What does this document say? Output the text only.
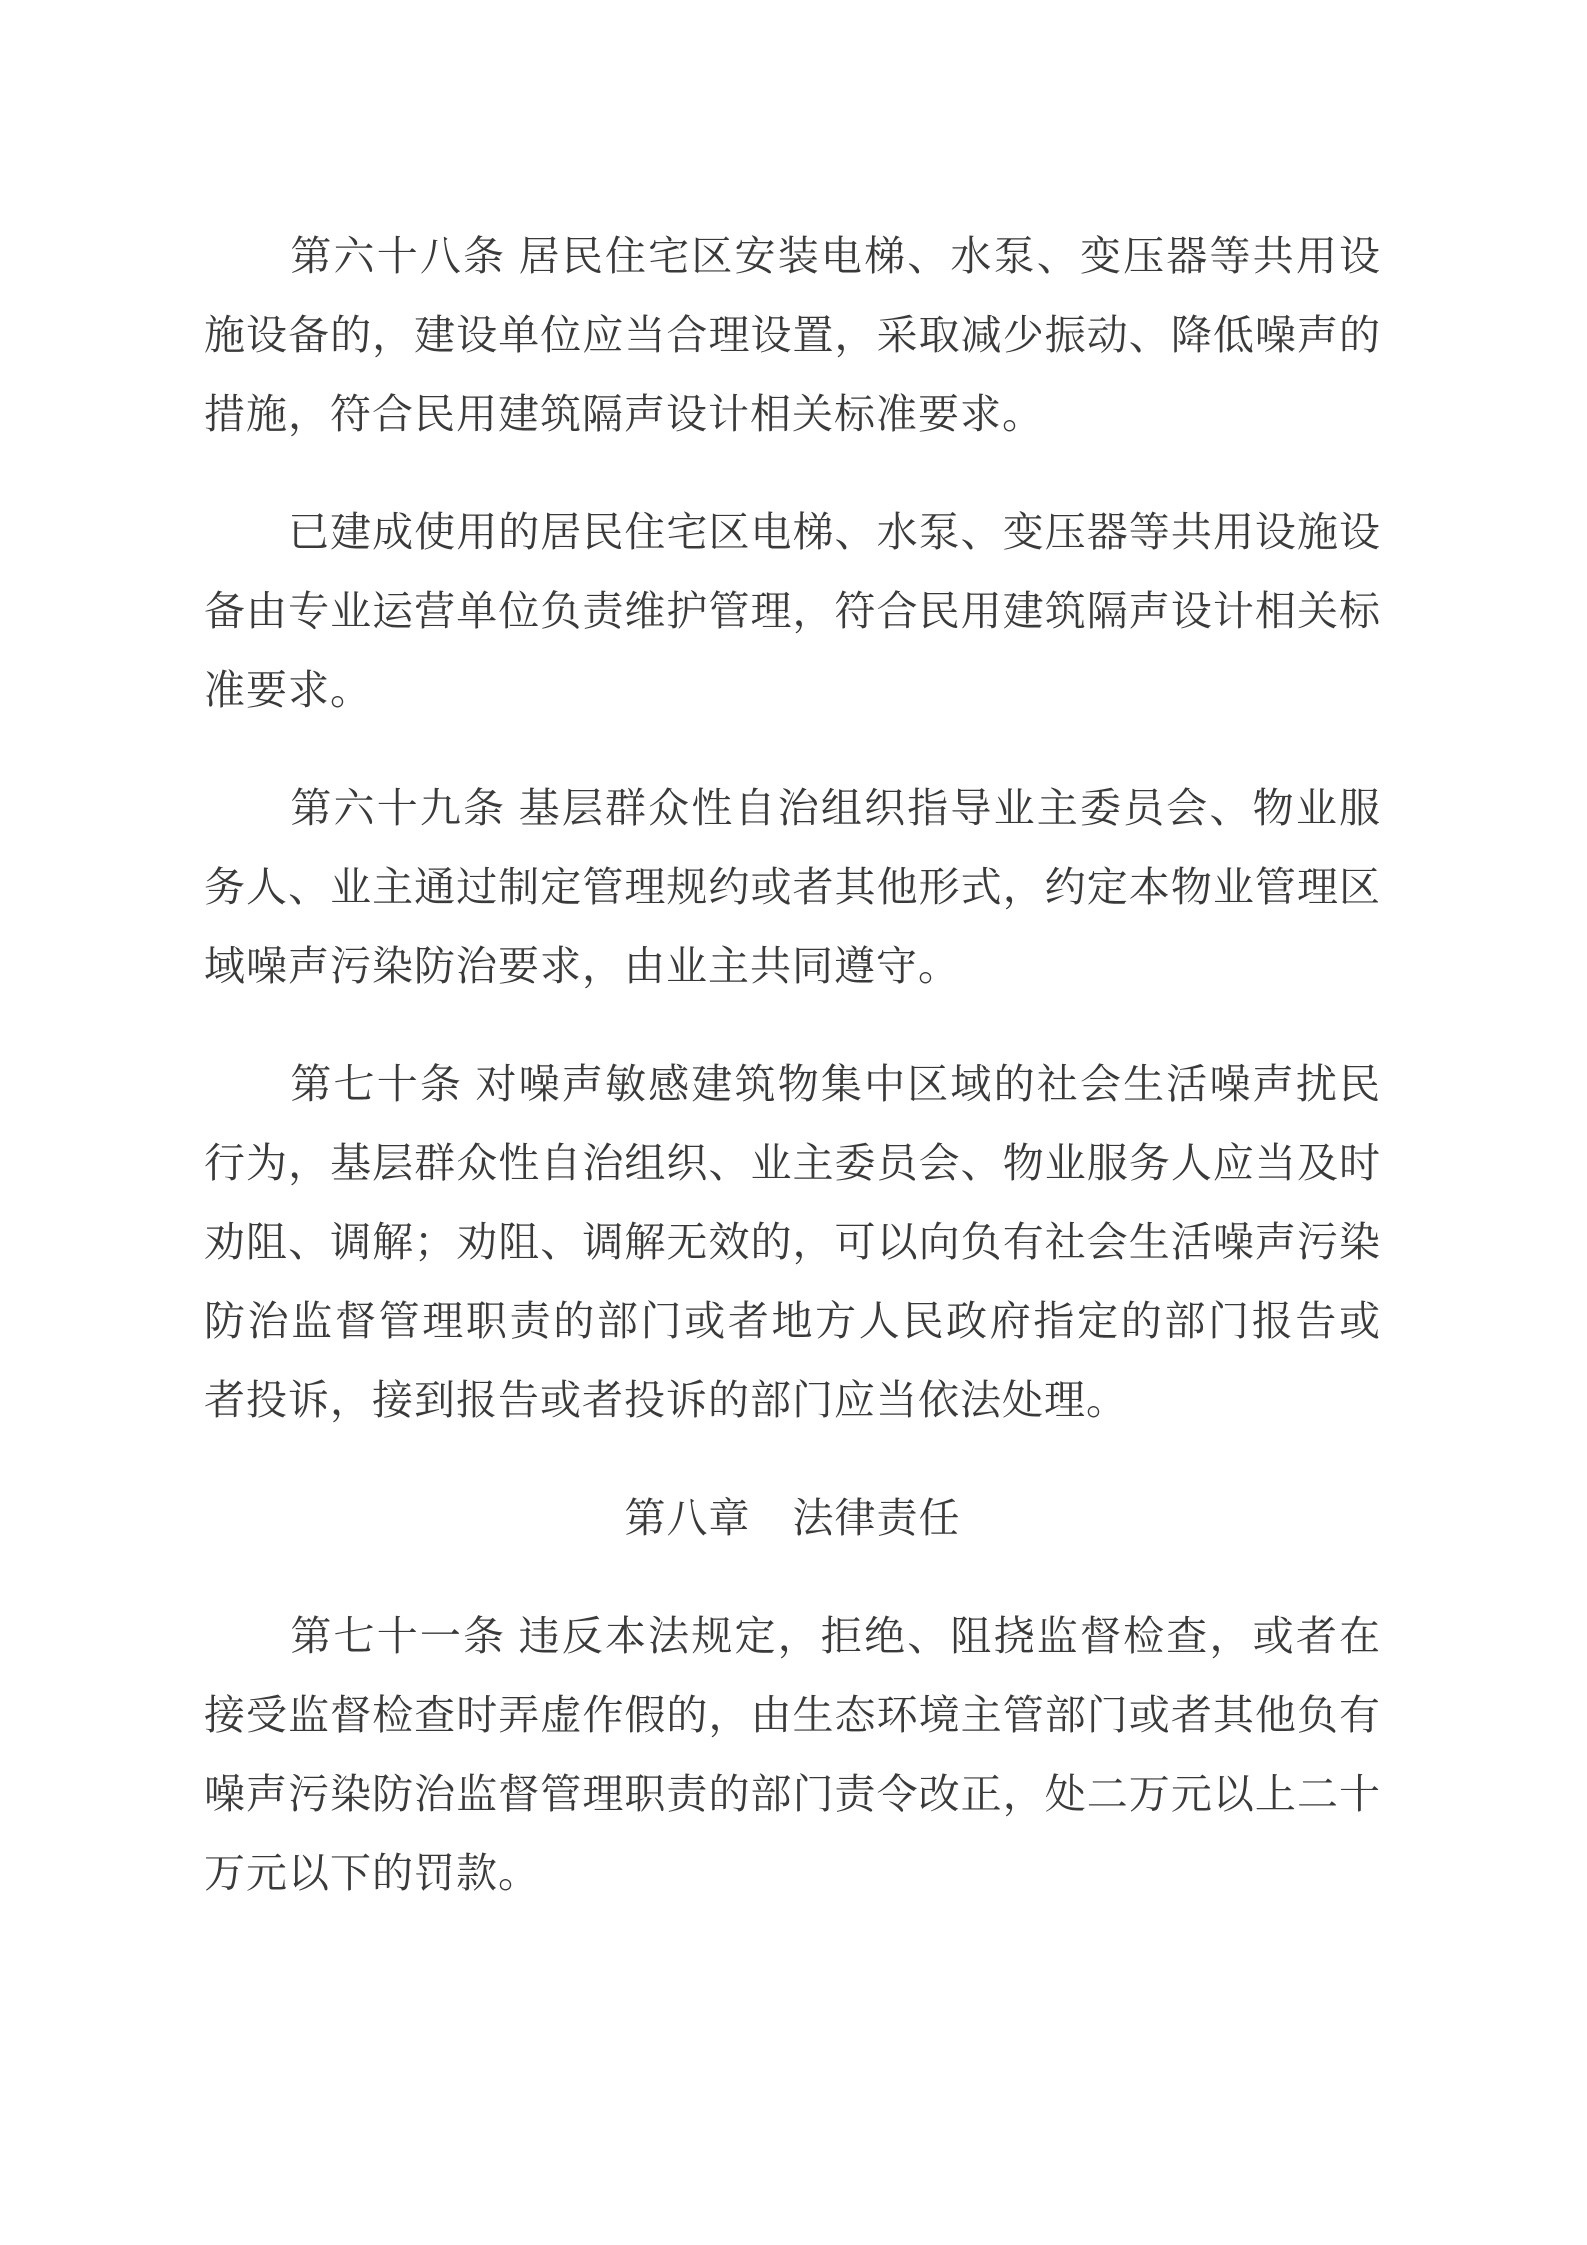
　　第六十八条 居民住宅区安装电梯、水泵、变压器等共用设
施设备的，建设单位应当合理设置，采取减少振动、降低噪声的
措施，符合民用建筑隔声设计相关标准要求。
　　已建成使用的居民住宅区电梯、水泵、变压器等共用设施设
备由专业运营单位负责维护管理，符合民用建筑隔声设计相关标
准要求。
　　第六十九条 基层群众性自治组织指导业主委员会、物业服
务人、业主通过制定管理规约或者其他形式，约定本物业管理区
域噪声污染防治要求，由业主共同遵守。
　　第七十条 对噪声敏感建筑物集中区域的社会生活噪声扰民
行为，基层群众性自治组织、业主委员会、物业服务人应当及时
劝阻、调解；劝阻、调解无效的，可以向负有社会生活噪声污染
防治监督管理职责的部门或者地方人民政府指定的部门报告或
者投诉，接到报告或者投诉的部门应当依法处理。
第八章　法律责任
　　第七十一条 违反本法规定，拒绝、阻挠监督检查，或者在
接受监督检查时弄虚作假的，由生态环境主管部门或者其他负有
噪声污染防治监督管理职责的部门责令改正，处二万元以上二十
万元以下的罚款。
